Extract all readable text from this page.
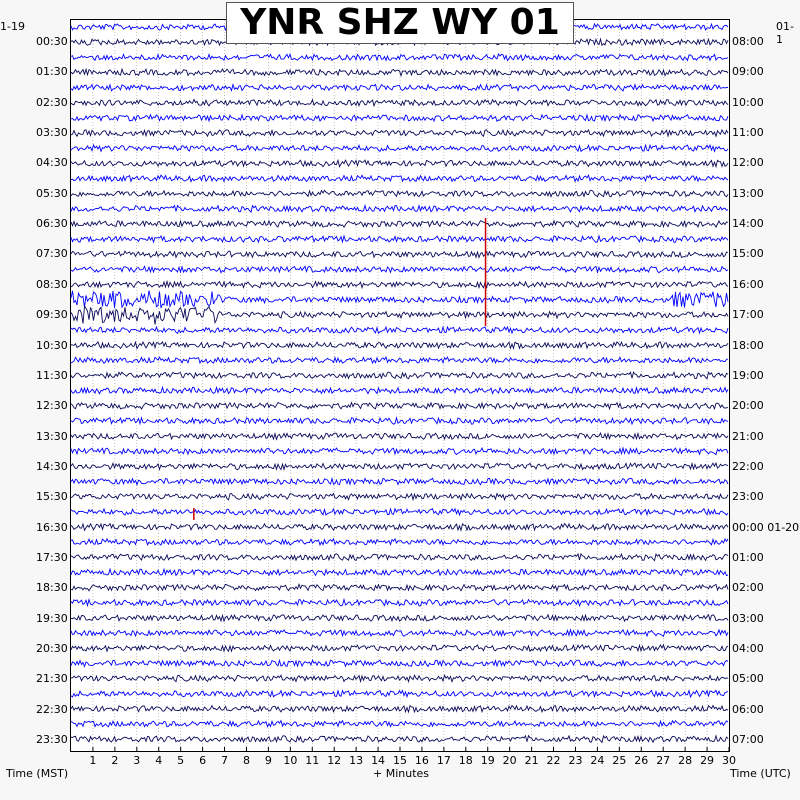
YNR SHZ WY 01
1-19	01-1
00:30
01:30
02:30
03:30
04:30
05:30
06:30
07:30
08:30
09:30
10:30
11:30
12:30
13:30
14:30
15:30
16:30
17:30
18:30
19:30
20:30
21:30
22:30
23:30
08:00
09:00
10:00
11:00
12:00
13:00
14:00
15:00
16:00
17:00
18:00
19:00
20:00
21:00
22:00
23:00
00:00 01-20
01:00
02:00
03:00
04:00
05:00
06:00
07:00
1	2	3	4	5	6	7	8	9	10 11 12 13 14 15 16 17 18 19 20 21 22 23 24 25 26 27 28 29 30
Time (MST)	+ Minutes	Time (UTC)
